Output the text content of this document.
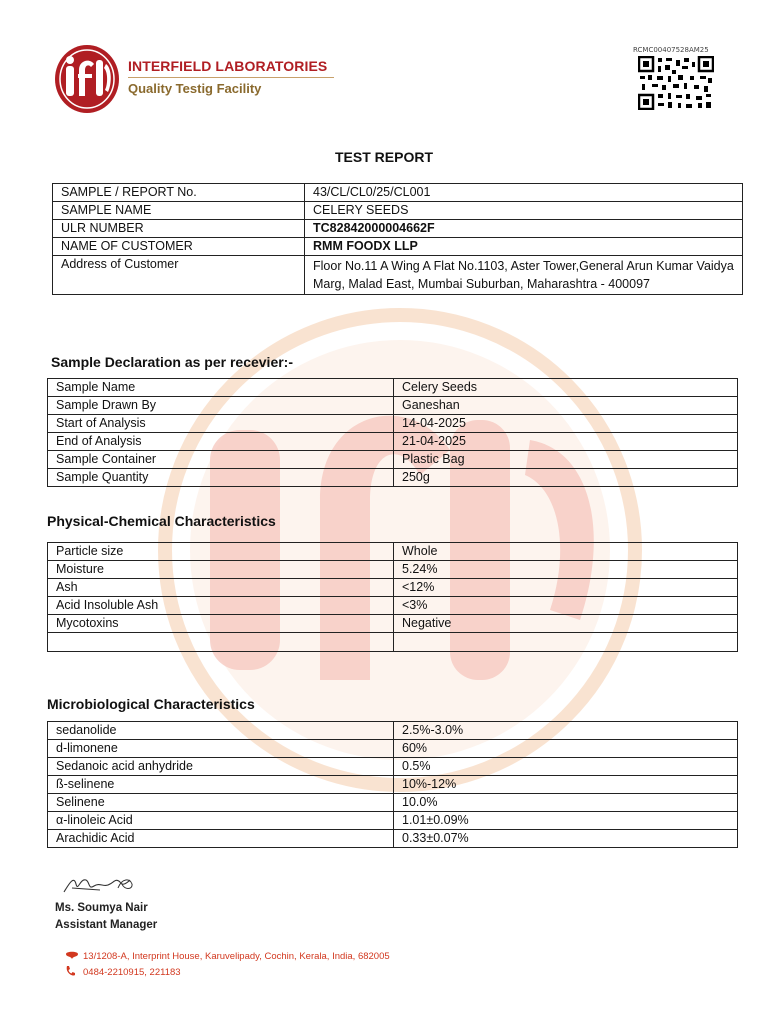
INTERFIELD LABORATORIES
Quality Testig Facility
RCMC00407528AM25
TEST REPORT
SAMPLE / REPORT No.	43/CL/CL0/25/CL001
SAMPLE NAME	CELERY SEEDS
ULR NUMBER	TC82842000004662F
NAME OF CUSTOMER	RMM FOODX LLP
Address of Customer	Floor No.11 A Wing A Flat No.1103, Aster Tower,General Arun Kumar Vaidya Marg, Malad East, Mumbai Suburban, Maharashtra - 400097
Sample Declaration as per recevier:-
Sample Name	Celery Seeds
Sample Drawn By	Ganeshan
Start of Analysis	14-04-2025
End of Analysis	21-04-2025
Sample Container	Plastic Bag
Sample Quantity	250g
Physical-Chemical Characteristics
Particle size	Whole
Moisture	5.24%
Ash	<12%
Acid Insoluble Ash	<3%
Mycotoxins	Negative

Microbiological Characteristics
sedanolide	2.5%-3.0%
d-limonene	60%
Sedanoic acid anhydride	0.5%
ß-selinene	10%-12%
Selinene	10.0%
α-linoleic Acid	1.01±0.09%
Arachidic Acid	0.33±0.07%
Ms. Soumya Nair
Assistant Manager
13/1208-A, Interprint House, Karuvelipady, Cochin, Kerala, India, 682005
0484-2210915, 221183
